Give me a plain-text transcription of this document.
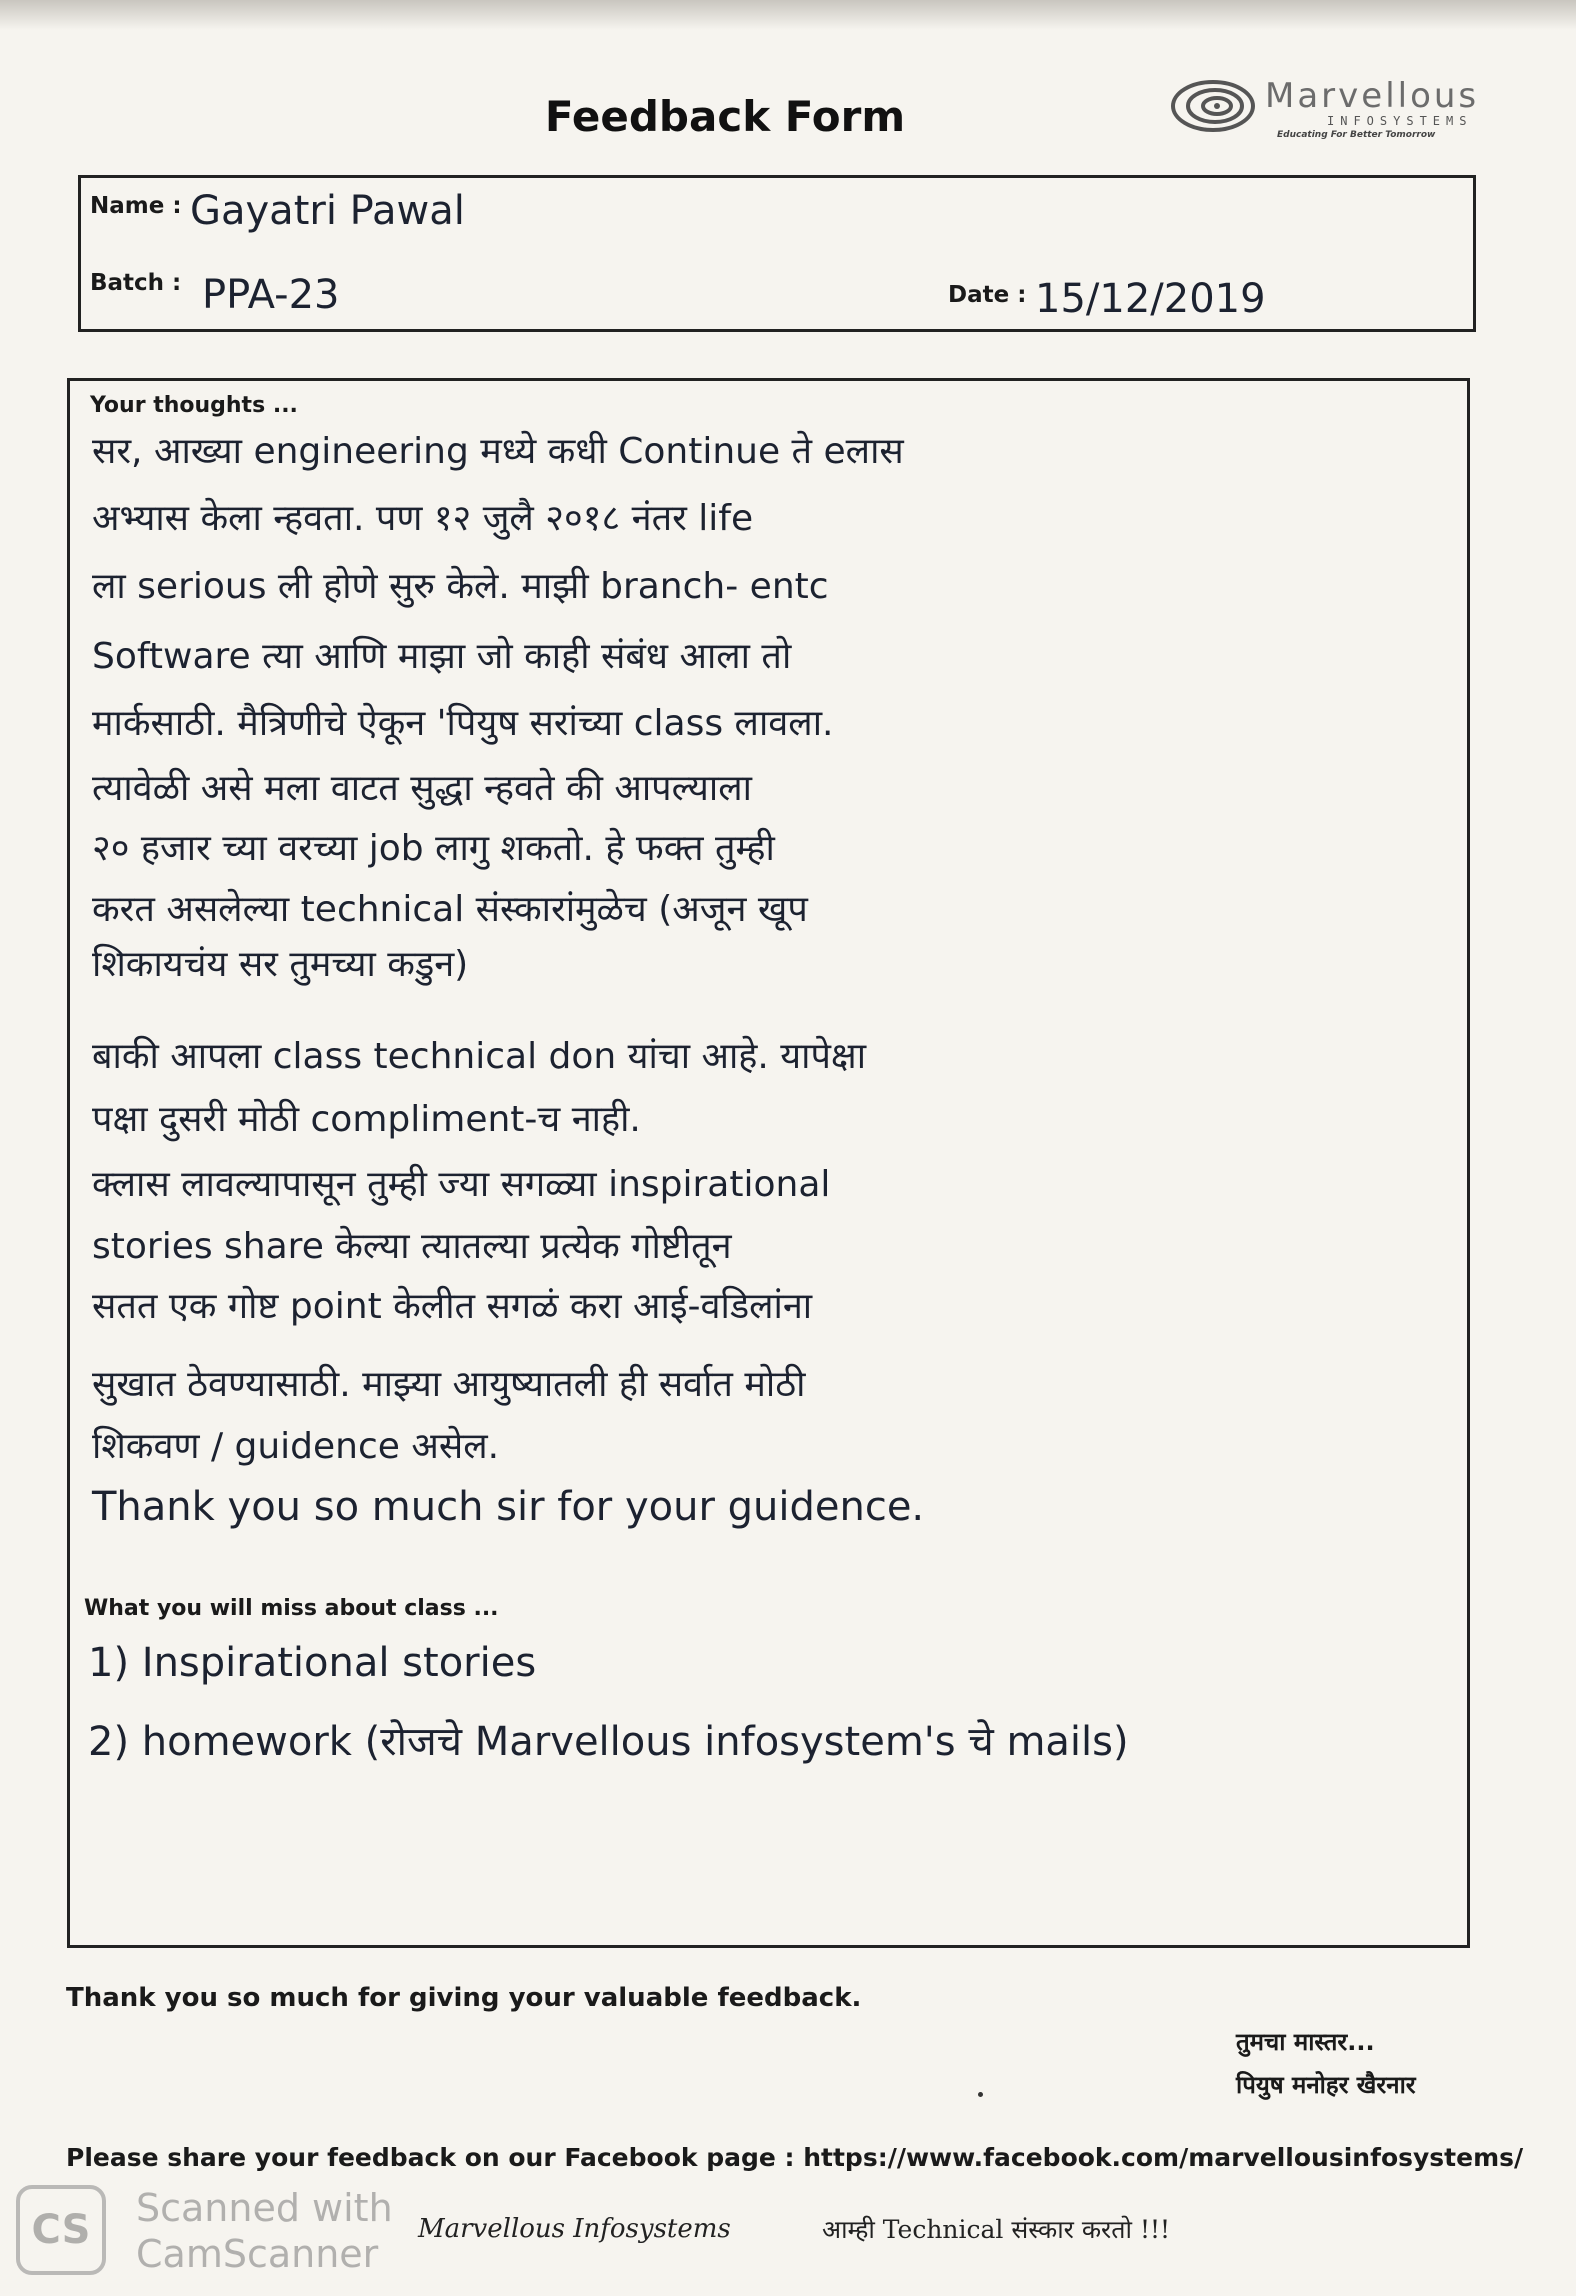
Feedback Form	Marvellous
INFOSYSTEMS
Educating For Better Tomorrow
Name : Gayatri Pawal
Batch : PPA-23	Date : 15/12/2019
Your thoughts ...
सर, आख्या engineering मध्ये कधी Continue ते eलास
अभ्यास केला न्हवता. पण १२ जुलै २०१८ नंतर life
ला serious ली होणे सुरु केले. माझी branch- entc
Software त्या आणि माझा जो काही संबंध आला तो
मार्कसाठी. मैत्रिणीचे ऐकून 'पियुष सरांच्या class लावला.
त्यावेळी असे मला वाटत सुद्धा न्हवते की आपल्याला
२० हजार च्या वरच्या job लागु शकतो. हे फक्त तुम्ही
करत असलेल्या technical संस्कारांमुळेच (अजून खूप
शिकायचंय सर तुमच्या कडुन)
बाकी आपला class technical don यांचा आहे. यापेक्षा
पक्षा दुसरी मोठी compliment-च नाही.
क्लास लावल्यापासून तुम्ही ज्या सगळ्या inspirational
stories share केल्या त्यातल्या प्रत्येक गोष्टीतून
सतत एक गोष्ट point केलीत सगळं करा आई-वडिलांना
सुखात ठेवण्यासाठी. माझ्या आयुष्यातली ही सर्वात मोठी
शिकवण / guidence असेल.
Thank you so much sir for your guidence.
What you will miss about class ...
1) Inspirational stories
2) homework (रोजचे Marvellous infosystem's चे mails)
Thank you so much for giving your valuable feedback.
तुमचा मास्तर...
पियुष मनोहर खैरनार
Please share your feedback on our Facebook page : https://www.facebook.com/marvellousinfosystems/
CS	Scanned with
CamScanner
Marvellous Infosystems	आम्ही Technical संस्कार करतो !!!
